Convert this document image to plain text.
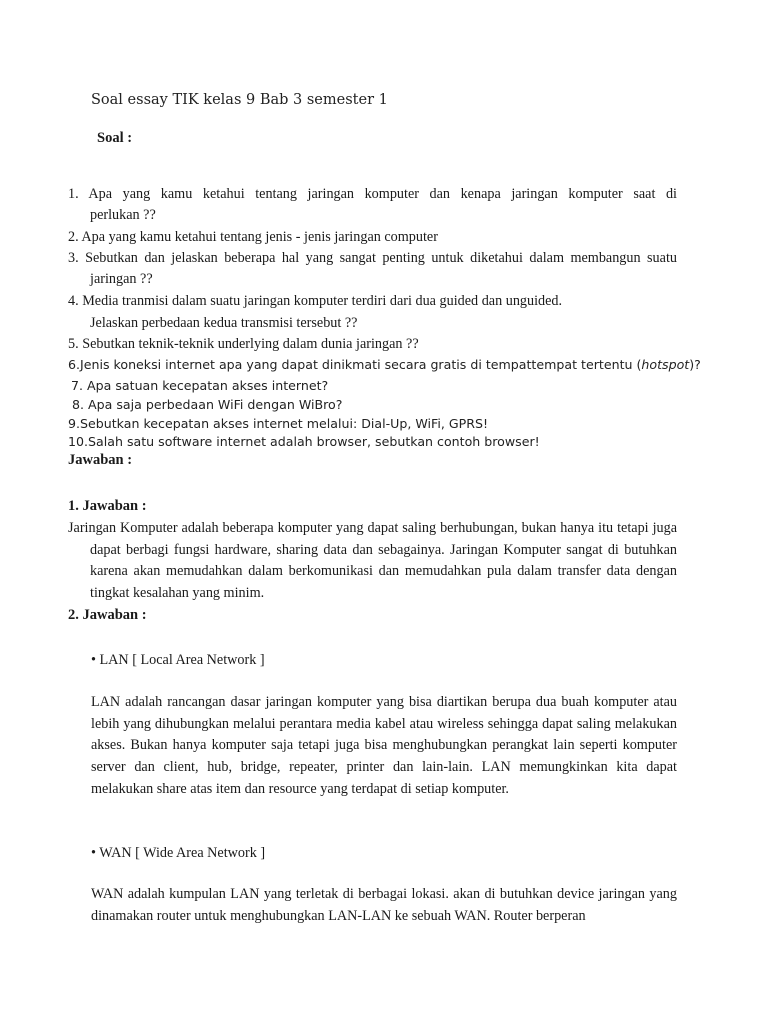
Soal essay TIK kelas 9 Bab 3 semester 1
Soal :
1. Apa yang kamu ketahui tentang jaringan komputer dan kenapa jaringan komputer saat di
perlukan ??
2. Apa yang kamu ketahui tentang jenis - jenis jaringan computer
3. Sebutkan dan jelaskan beberapa hal yang sangat penting untuk diketahui dalam membangun suatu
jaringan ??
4. Media tranmisi dalam suatu jaringan komputer terdiri dari dua guided dan unguided.
Jelaskan perbedaan kedua transmisi tersebut ??
5. Sebutkan teknik-teknik underlying dalam dunia jaringan ??
6.Jenis koneksi internet apa yang dapat dinikmati secara gratis di tempattempat tertentu (hotspot)?
7. Apa satuan kecepatan akses internet?
8. Apa saja perbedaan WiFi dengan WiBro?
9.Sebutkan kecepatan akses internet melalui: Dial-Up, WiFi, GPRS!
10.Salah satu software internet adalah browser, sebutkan contoh browser!
Jawaban :
1. Jawaban :
Jaringan Komputer adalah beberapa komputer yang dapat saling berhubungan, bukan hanya itu tetapi juga dapat berbagi fungsi hardware, sharing data dan sebagainya. Jaringan Komputer sangat di butuhkan karena akan memudahkan dalam berkomunikasi dan memudahkan pula dalam transfer data dengan tingkat kesalahan yang minim.
2. Jawaban :
• LAN [ Local Area Network ]
LAN adalah rancangan dasar jaringan komputer yang bisa diartikan berupa dua buah komputer atau lebih yang dihubungkan melalui perantara media kabel atau wireless sehingga dapat saling melakukan akses. Bukan hanya komputer saja tetapi juga bisa menghubungkan perangkat lain seperti komputer server dan client, hub, bridge, repeater, printer dan lain-lain. LAN memungkinkan kita dapat melakukan share atas item dan resource yang terdapat di setiap komputer.
• WAN [ Wide Area Network ]
WAN adalah kumpulan LAN yang terletak di berbagai lokasi. akan di butuhkan device jaringan yang dinamakan router untuk menghubungkan LAN-LAN ke sebuah WAN. Router berperan
